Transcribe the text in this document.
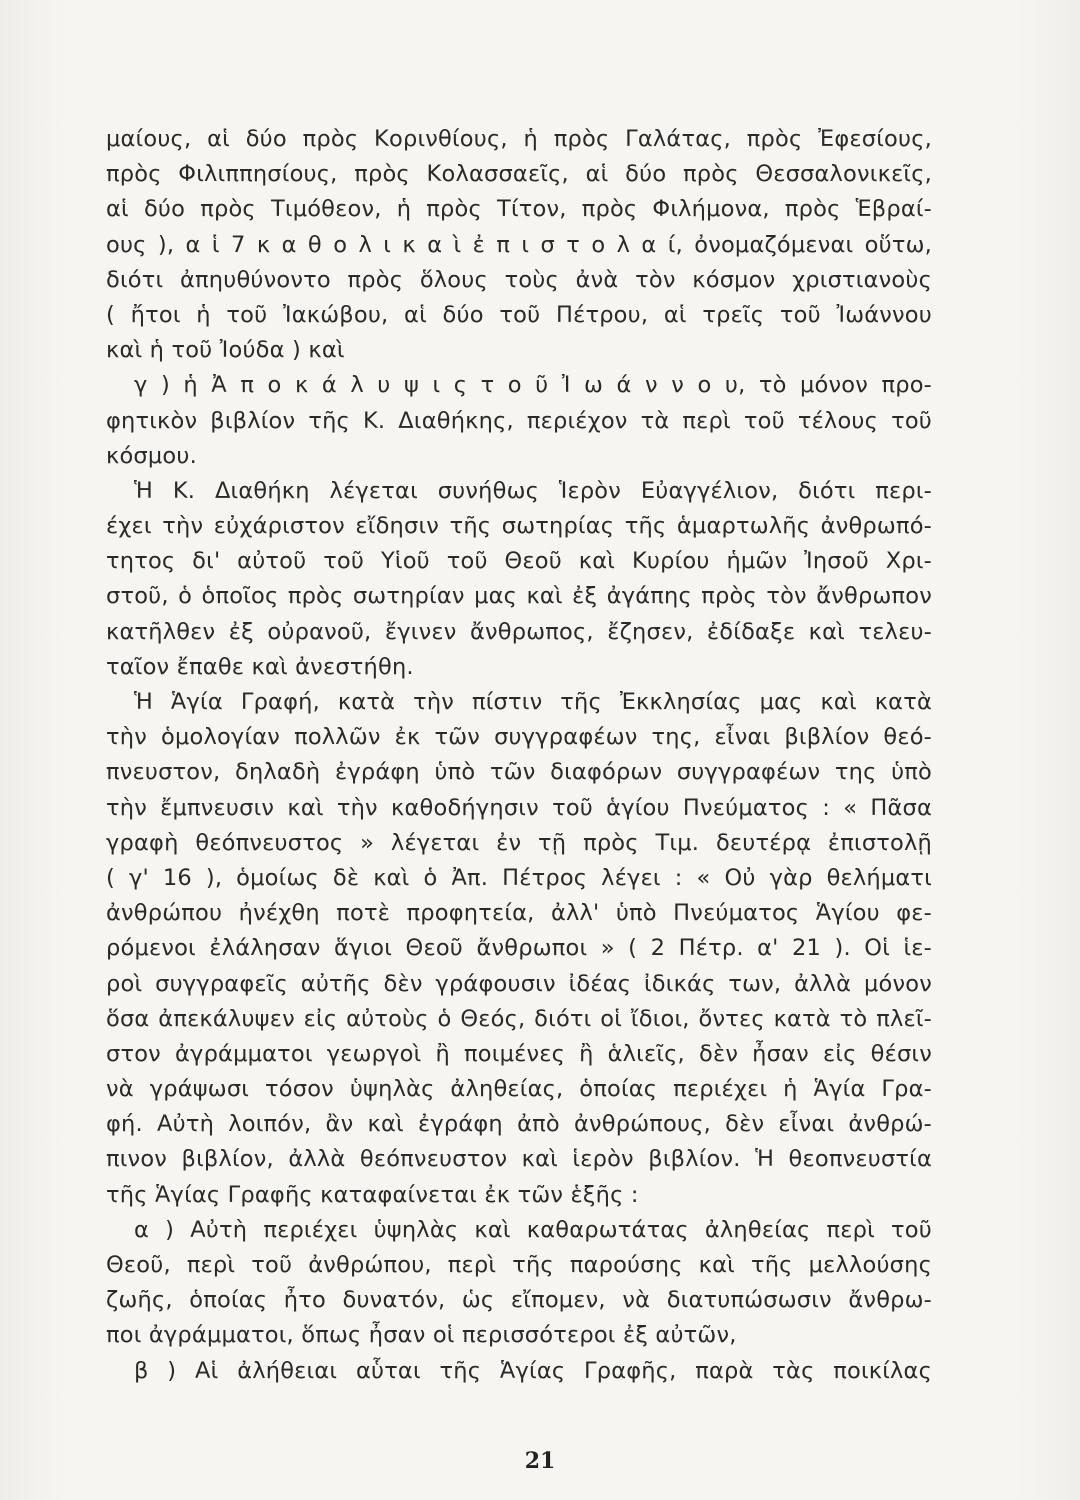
μαίους, αἱ δύο πρὸς Κορινθίους, ἡ πρὸς Γαλάτας, πρὸς Ἐφεσίους,
πρὸς Φιλιππησίους, πρὸς Κολασσαεῖς, αἱ δύο πρὸς Θεσσαλονικεῖς,
αἱ δύο πρὸς Τιμόθεον, ἡ πρὸς Τίτον, πρὸς Φιλήμονα, πρὸς Ἑβραί-
ους ), α ἱ 7 κ α θ ο λ ι κ α ὶ ἐ π ι σ τ ο λ α ί, ὀνομαζόμεναι οὕτω,
διότι ἀπηυθύνοντο πρὸς ὅλους τοὺς ἀνὰ τὸν κόσμον χριστιανοὺς
( ἤτοι ἡ τοῦ Ἰακώβου, αἱ δύο τοῦ Πέτρου, αἱ τρεῖς τοῦ Ἰωάννου
καὶ ἡ τοῦ Ἰούδα ) καὶ
γ ) ἡ Ἀ π ο κ ά λ υ ψ ι ς τ ο ῦ Ἰ ω ά ν ν ο υ, τὸ μόνον προ-
φητικὸν βιβλίον τῆς Κ. Διαθήκης, περιέχον τὰ περὶ τοῦ τέλους τοῦ
κόσμου.
Ἡ Κ. Διαθήκη λέγεται συνήθως Ἱερὸν Εὐαγγέλιον, διότι περι-
έχει τὴν εὐχάριστον εἴδησιν τῆς σωτηρίας τῆς ἁμαρτωλῆς ἀνθρωπό-
τητος δι' αὐτοῦ τοῦ Υἱοῦ τοῦ Θεοῦ καὶ Κυρίου ἡμῶν Ἰησοῦ Χρι-
στοῦ, ὁ ὁποῖος πρὸς σωτηρίαν μας καὶ ἐξ ἀγάπης πρὸς τὸν ἄνθρωπον
κατῆλθεν ἐξ οὐρανοῦ, ἔγινεν ἄνθρωπος, ἔζησεν, ἐδίδαξε καὶ τελευ-
ταῖον ἔπαθε καὶ ἀνεστήθη.
Ἡ Ἁγία Γραφή, κατὰ τὴν πίστιν τῆς Ἐκκλησίας μας καὶ κατὰ
τὴν ὁμολογίαν πολλῶν ἐκ τῶν συγγραφέων της, εἶναι βιβλίον θεό-
πνευστον, δηλαδὴ ἐγράφη ὑπὸ τῶν διαφόρων συγγραφέων της ὑπὸ
τὴν ἔμπνευσιν καὶ τὴν καθοδήγησιν τοῦ ἁγίου Πνεύματος : « Πᾶσα
γραφὴ θεόπνευστος » λέγεται ἐν τῇ πρὸς Τιμ. δευτέρᾳ ἐπιστολῇ
( γ' 16 ), ὁμοίως δὲ καὶ ὁ Ἀπ. Πέτρος λέγει : « Οὐ γὰρ θελήματι
ἀνθρώπου ἠνέχθη ποτὲ προφητεία, ἀλλ' ὑπὸ Πνεύματος Ἁγίου φε-
ρόμενοι ἐλάλησαν ἅγιοι Θεοῦ ἄνθρωποι » ( 2 Πέτρ. α' 21 ). Οἱ ἱε-
ροὶ συγγραφεῖς αὐτῆς δὲν γράφουσιν ἰδέας ἰδικάς των, ἀλλὰ μόνον
ὅσα ἀπεκάλυψεν εἰς αὐτοὺς ὁ Θεός, διότι οἱ ἴδιοι, ὄντες κατὰ τὸ πλεῖ-
στον ἀγράμματοι γεωργοὶ ἢ ποιμένες ἢ ἁλιεῖς, δὲν ἦσαν εἰς θέσιν
νὰ γράψωσι τόσον ὑψηλὰς ἀληθείας, ὁποίας περιέχει ἡ Ἁγία Γρα-
φή. Αὐτὴ λοιπόν, ἂν καὶ ἐγράφη ἀπὸ ἀνθρώπους, δὲν εἶναι ἀνθρώ-
πινον βιβλίον, ἀλλὰ θεόπνευστον καὶ ἱερὸν βιβλίον. Ἡ θεοπνευστία
τῆς Ἁγίας Γραφῆς καταφαίνεται ἐκ τῶν ἑξῆς :
α ) Αὐτὴ περιέχει ὑψηλὰς καὶ καθαρωτάτας ἀληθείας περὶ τοῦ
Θεοῦ, περὶ τοῦ ἀνθρώπου, περὶ τῆς παρούσης καὶ τῆς μελλούσης
ζωῆς, ὁποίας ἦτο δυνατόν, ὡς εἴπομεν, νὰ διατυπώσωσιν ἄνθρω-
ποι ἀγράμματοι, ὅπως ἦσαν οἱ περισσότεροι ἐξ αὐτῶν,
β ) Αἱ ἀλήθειαι αὗται τῆς Ἁγίας Γραφῆς, παρὰ τὰς ποικίλας
21
